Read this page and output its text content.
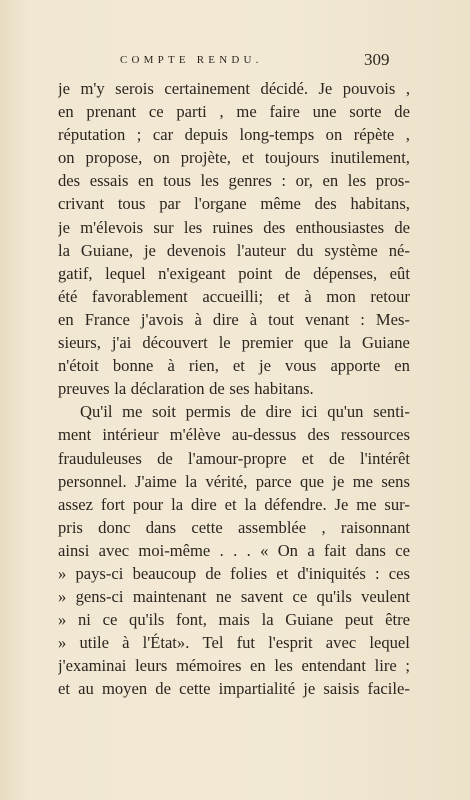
COMPTE RENDU.	309
je m'y serois certainement décidé. Je pouvois ,
en prenant ce parti , me faire une sorte de
réputation ; car depuis long-temps on répète ,
on propose, on projète, et toujours inutilement,
des essais en tous les genres : or, en les pros-
crivant tous par l'organe même des habitans,
je m'élevois sur les ruines des enthousiastes de
la Guiane, je devenois l'auteur du système né-
gatif, lequel n'exigeant point de dépenses, eût
été favorablement accueilli; et à mon retour
en France j'avois à dire à tout venant : Mes-
sieurs, j'ai découvert le premier que la Guiane
n'étoit bonne à rien, et je vous apporte en
preuves la déclaration de ses habitans.
Qu'il me soit permis de dire ici qu'un senti-
ment intérieur m'élève au-dessus des ressources
frauduleuses de l'amour-propre et de l'intérêt
personnel. J'aime la vérité, parce que je me sens
assez fort pour la dire et la défendre. Je me sur-
pris donc dans cette assemblée , raisonnant
ainsi avec moi-même . . . « On a fait dans ce
» pays-ci beaucoup de folies et d'iniquités : ces
» gens-ci maintenant ne savent ce qu'ils veulent
» ni ce qu'ils font, mais la Guiane peut être
» utile à l'État». Tel fut l'esprit avec lequel
j'examinai leurs mémoires en les entendant lire ;
et au moyen de cette impartialité je saisis facile-
